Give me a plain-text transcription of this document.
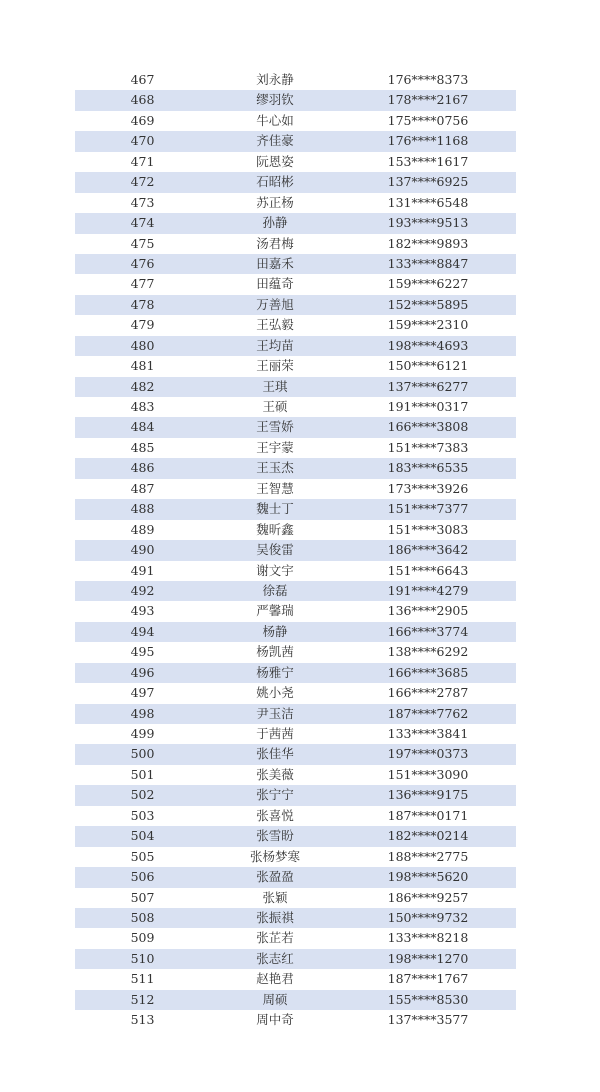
467	刘永静	176****8373
468	缪羽钦	178****2167
469	牛心如	175****0756
470	齐佳豪	176****1168
471	阮恩姿	153****1617
472	石昭彬	137****6925
473	苏正杨	131****6548
474	孙静	193****9513
475	汤君梅	182****9893
476	田嘉禾	133****8847
477	田蕴奇	159****6227
478	万善旭	152****5895
479	王弘毅	159****2310
480	王均苗	198****4693
481	王丽荣	150****6121
482	王琪	137****6277
483	王硕	191****0317
484	王雪娇	166****3808
485	王宇蒙	151****7383
486	王玉杰	183****6535
487	王智慧	173****3926
488	魏士丁	151****7377
489	魏昕鑫	151****3083
490	吴俊雷	186****3642
491	谢文宇	151****6643
492	徐磊	191****4279
493	严馨瑞	136****2905
494	杨静	166****3774
495	杨凯茜	138****6292
496	杨雅宁	166****3685
497	姚小尧	166****2787
498	尹玉洁	187****7762
499	于茜茜	133****3841
500	张佳华	197****0373
501	张美薇	151****3090
502	张宁宁	136****9175
503	张喜悦	187****0171
504	张雪盼	182****0214
505	张杨梦寒	188****2775
506	张盈盈	198****5620
507	张颖	186****9257
508	张振祺	150****9732
509	张芷若	133****8218
510	张志红	198****1270
511	赵艳君	187****1767
512	周硕	155****8530
513	周中奇	137****3577
